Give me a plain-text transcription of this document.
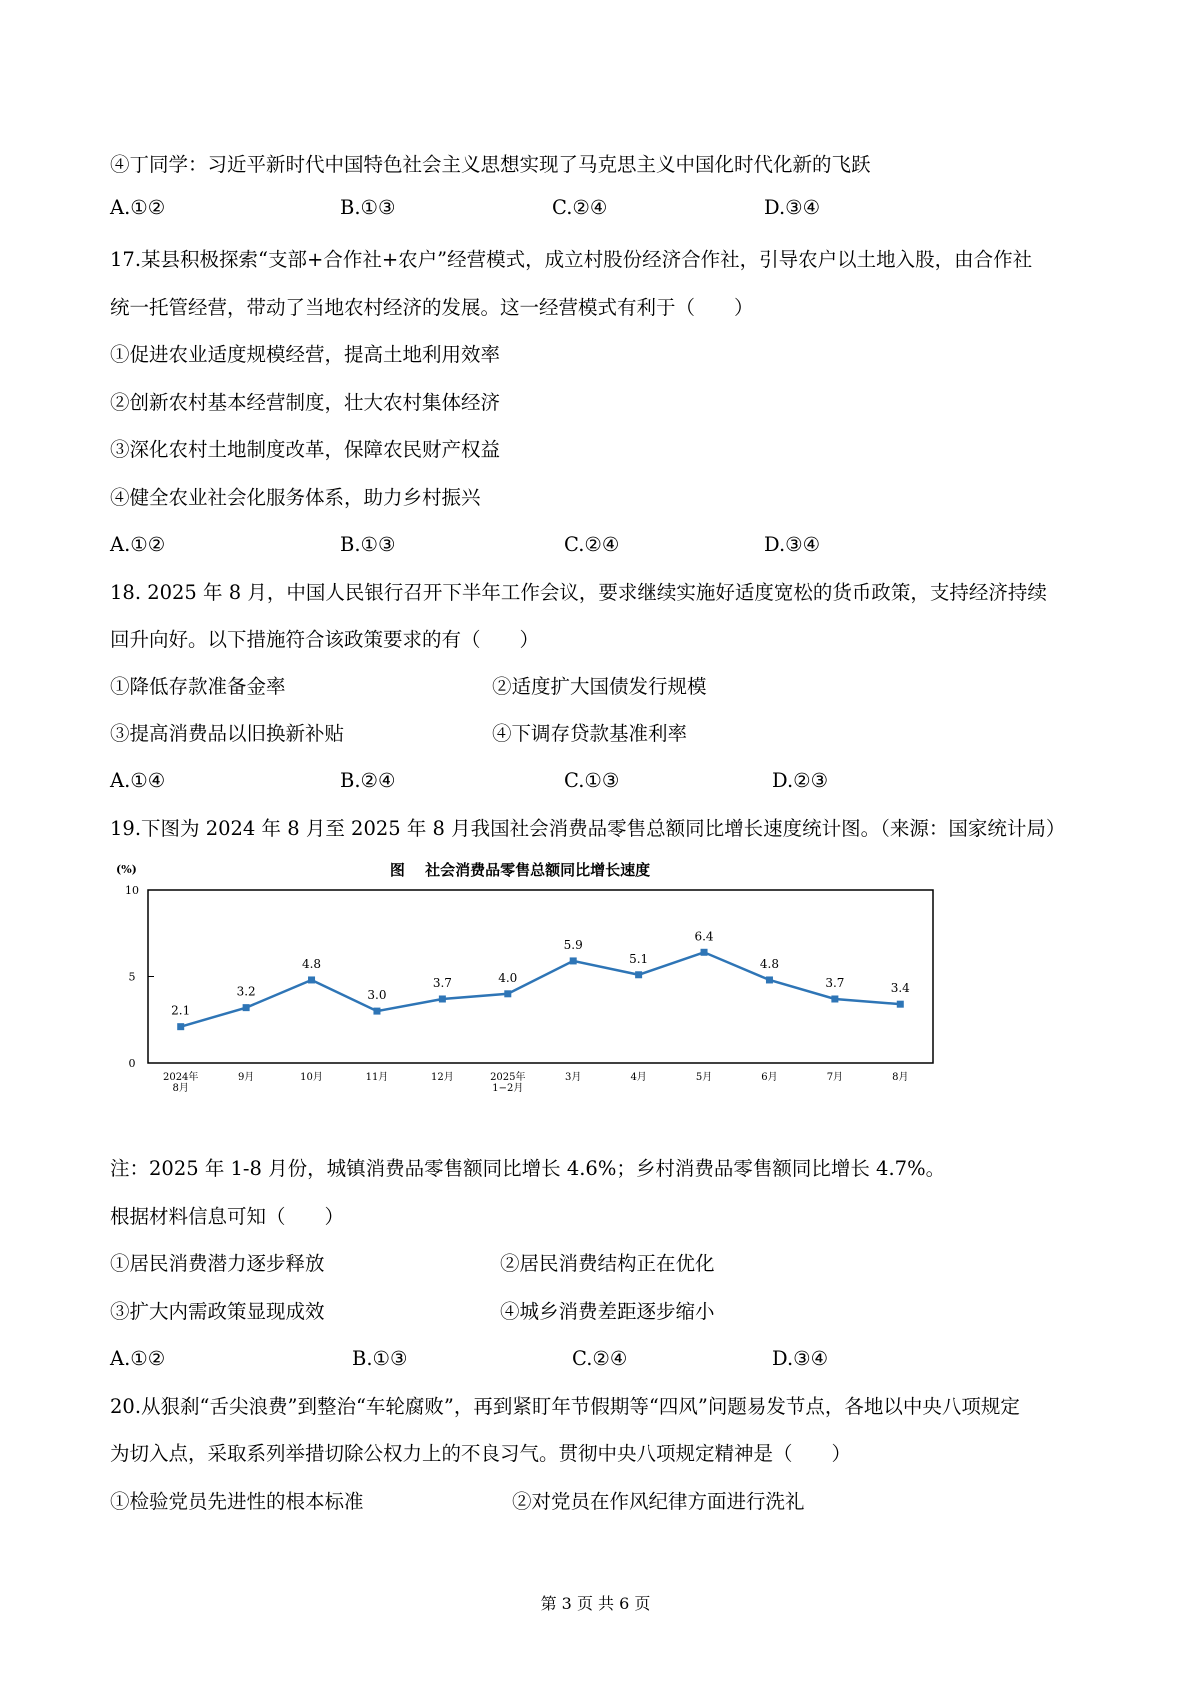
④丁同学：习近平新时代中国特色社会主义思想实现了马克思主义中国化时代化新的飞跃

A.①②	B.①③	C.②④	D.③④

17.某县积极探索“支部+合作社+农户”经营模式，成立村股份经济合作社，引导农户以土地入股，由合作社

统一托管经营，带动了当地农村经济的发展。这一经营模式有利于（　　）

①促进农业适度规模经营，提高土地利用效率

②创新农村基本经营制度，壮大农村集体经济

③深化农村土地制度改革，保障农民财产权益

④健全农业社会化服务体系，助力乡村振兴

A.①②	B.①③	C.②④	D.③④

18. 2025 年 8 月，中国人民银行召开下半年工作会议，要求继续实施好适度宽松的货币政策，支持经济持续

回升向好。以下措施符合该政策要求的有（　　）

①降低存款准备金率	②适度扩大国债发行规模

③提高消费品以旧换新补贴	④下调存贷款基准利率
A.①④	B.②④	C.①③	D.②③

19.下图为 2024 年 8 月至 2025 年 8 月我国社会消费品零售总额同比增长速度统计图。（来源：国家统计局）

(%)	图　 社会消费品零售总额同比增长速度
0
5
10
2.1
3.2
4.8
3.0
3.7	4.0
5.9
5.1
6.4
4.8
3.7	3.4
2024年 8月
9月	10月	11月	12月	2025年 1−2月
3月	4月	5月	6月	7月	8月

注：2025 年 1-8 月份，城镇消费品零售额同比增长 4.6%；乡村消费品零售额同比增长 4.7%。

根据材料信息可知（　　）

①居民消费潜力逐步释放	②居民消费结构正在优化

③扩大内需政策显现成效	④城乡消费差距逐步缩小
A.①②	B.①③	C.②④	D.③④

20.从狠刹“舌尖浪费”到整治“车轮腐败”，再到紧盯年节假期等“四风”问题易发节点，各地以中央八项规定

为切入点，采取系列举措切除公权力上的不良习气。贯彻中央八项规定精神是（　　）

①检验党员先进性的根本标准	②对党员在作风纪律方面进行洗礼
第 3 页 共 6 页
